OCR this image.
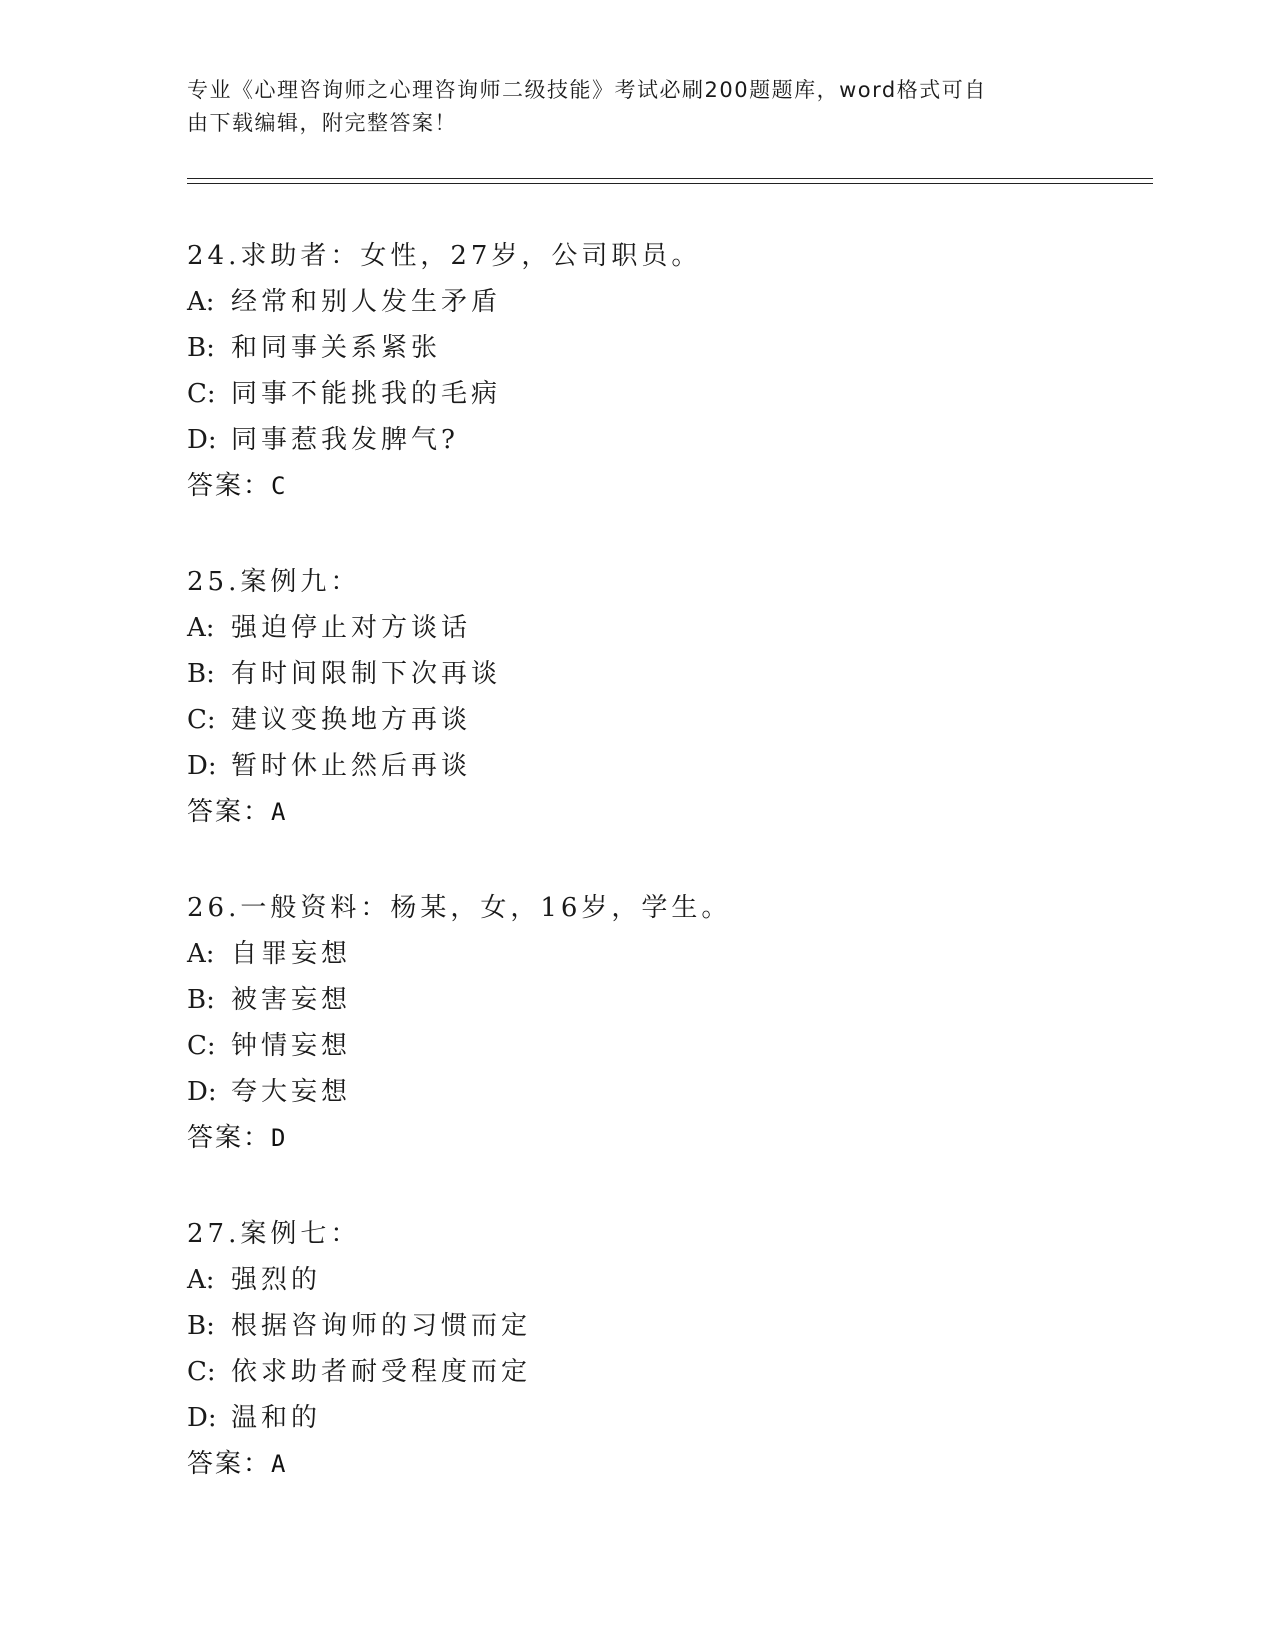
专业《心理咨询师之心理咨询师二级技能》考试必刷200题题库，word格式可自
由下载编辑，附完整答案！
24.求助者：女性，27岁，公司职员。
A: 经常和别人发生矛盾
B: 和同事关系紧张
C: 同事不能挑我的毛病
D: 同事惹我发脾气?
答案：C
25.案例九：
A: 强迫停止对方谈话
B: 有时间限制下次再谈
C: 建议变换地方再谈
D: 暂时休止然后再谈
答案：A
26.一般资料：杨某，女，16岁，学生。
A: 自罪妄想
B: 被害妄想
C: 钟情妄想
D: 夸大妄想
答案：D
27.案例七：
A: 强烈的
B: 根据咨询师的习惯而定
C: 依求助者耐受程度而定
D: 温和的
答案：A
